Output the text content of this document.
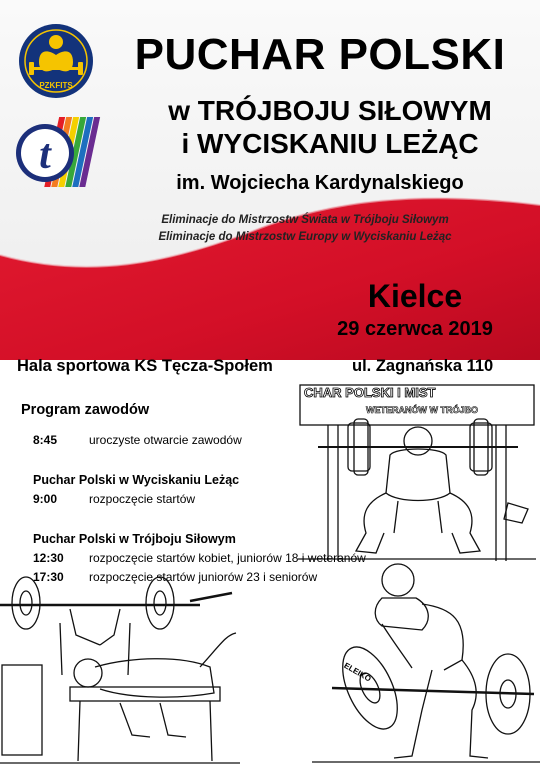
PZKFITS
t
PUCHAR POLSKI
w TRÓJBOJU SIŁOWYM
i WYCISKANIU LEŻĄC
im. Wojciecha Kardynalskiego
Eliminacje do Mistrzostw Świata w Trójboju Siłowym
Eliminacje do Mistrzostw Europy w Wyciskaniu Leżąc
Kielce
29 czerwca 2019
Hala sportowa KS Tęcza-Społem	ul. Zagnańska 110
CHAR POLSKI I MIST
WETERANÓW W TRÓJBO
Program zawodów
8:45	uroczyste otwarcie zawodów
Puchar Polski w Wyciskaniu Leżąc
9:00	rozpoczęcie startów
Puchar Polski w Trójboju Siłowym
12:30 rozpoczęcie startów kobiet, juniorów 18 i weteranów
17:30 rozpoczęcie startów juniorów 23 i seniorów
ELEIKO
